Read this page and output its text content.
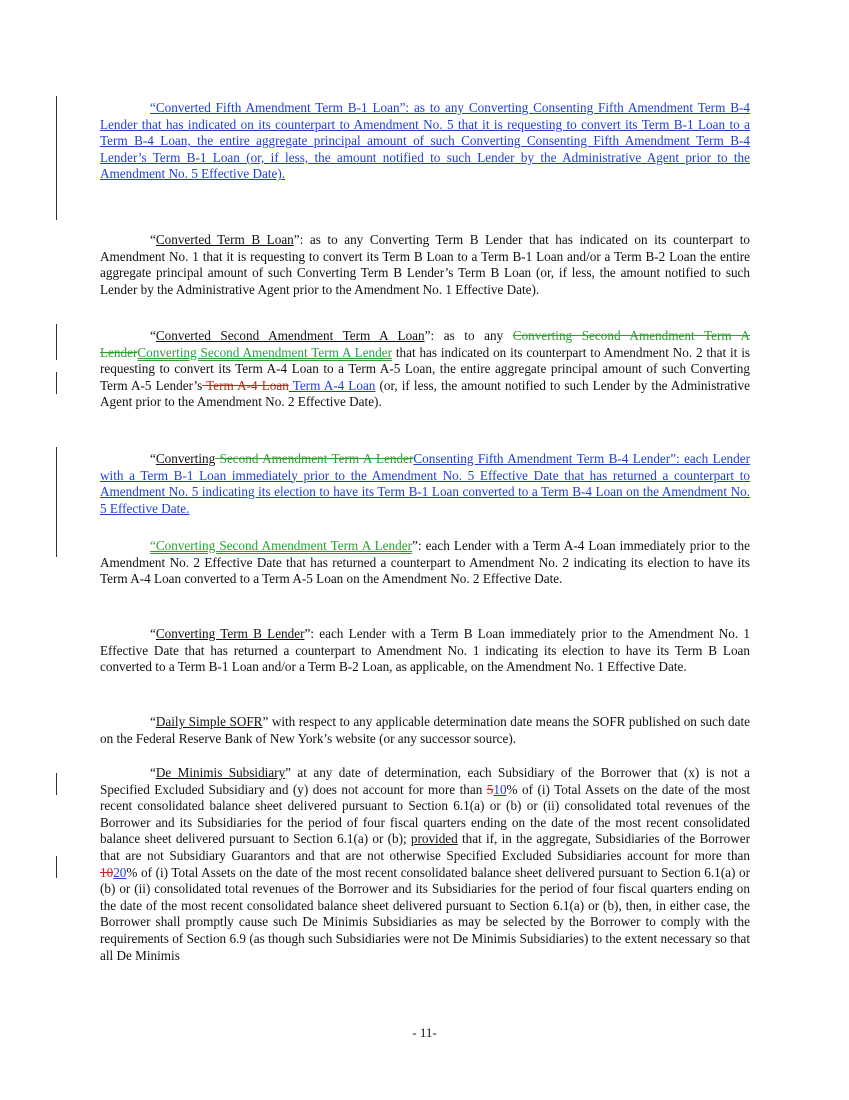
“Converted Fifth Amendment Term B-1 Loan”: as to any Converting Consenting Fifth Amendment Term B-4 Lender that has indicated on its counterpart to Amendment No. 5 that it is requesting to convert its Term B-1 Loan to a Term B-4 Loan, the entire aggregate principal amount of such Converting Consenting Fifth Amendment Term B-4 Lender’s Term B-1 Loan (or, if less, the amount notified to such Lender by the Administrative Agent prior to the Amendment No. 5 Effective Date).

“Converted Term B Loan”: as to any Converting Term B Lender that has indicated on its counterpart to Amendment No. 1 that it is requesting to convert its Term B Loan to a Term B-1 Loan and/or a Term B-2 Loan the entire aggregate principal amount of such Converting Term B Lender’s Term B Loan (or, if less, the amount notified to such Lender by the Administrative Agent prior to the Amendment No. 1 Effective Date).

“Converted Second Amendment Term A Loan”: as to any Converting Second Amendment Term A LenderConverting Second Amendment Term A Lender that has indicated on its counterpart to Amendment No. 2 that it is requesting to convert its Term A-4 Loan to a Term A-5 Loan, the entire aggregate principal amount of such Converting Term A-5 Lender’s Term A-4 Loan Term A-4 Loan (or, if less, the amount notified to such Lender by the Administrative Agent prior to the Amendment No. 2 Effective Date).

“Converting Second Amendment Term A LenderConsenting Fifth Amendment Term B-4 Lender”: each Lender with a Term B-1 Loan immediately prior to the Amendment No. 5 Effective Date that has returned a counterpart to Amendment No. 5 indicating its election to have its Term B-1 Loan converted to a Term B-4 Loan on the Amendment No. 5 Effective Date.

“Converting Second Amendment Term A Lender”: each Lender with a Term A-4 Loan immediately prior to the Amendment No. 2 Effective Date that has returned a counterpart to Amendment No. 2 indicating its election to have its Term A-4 Loan converted to a Term A-5 Loan on the Amendment No. 2 Effective Date.

“Converting Term B Lender”: each Lender with a Term B Loan immediately prior to the Amendment No. 1 Effective Date that has returned a counterpart to Amendment No. 1 indicating its election to have its Term B Loan converted to a Term B-1 Loan and/or a Term B-2 Loan, as applicable, on the Amendment No. 1 Effective Date.

“Daily Simple SOFR” with respect to any applicable determination date means the SOFR published on such date on the Federal Reserve Bank of New York’s website (or any successor source).

“De Minimis Subsidiary” at any date of determination, each Subsidiary of the Borrower that (x) is not a Specified Excluded Subsidiary and (y) does not account for more than 510% of (i) Total Assets on the date of the most recent consolidated balance sheet delivered pursuant to Section 6.1(a) or (b) or (ii) consolidated total revenues of the Borrower and its Subsidiaries for the period of four fiscal quarters ending on the date of the most recent consolidated balance sheet delivered pursuant to Section 6.1(a) or (b); provided that if, in the aggregate, Subsidiaries of the Borrower that are not Subsidiary Guarantors and that are not otherwise Specified Excluded Subsidiaries account for more than 1020% of (i) Total Assets on the date of the most recent consolidated balance sheet delivered pursuant to Section 6.1(a) or (b) or (ii) consolidated total revenues of the Borrower and its Subsidiaries for the period of four fiscal quarters ending on the date of the most recent consolidated balance sheet delivered pursuant to Section 6.1(a) or (b), then, in either case, the Borrower shall promptly cause such De Minimis Subsidiaries as may be selected by the Borrower to comply with the requirements of Section 6.9 (as though such Subsidiaries were not De Minimis Subsidiaries) to the extent necessary so that all De Minimis

- 11-
